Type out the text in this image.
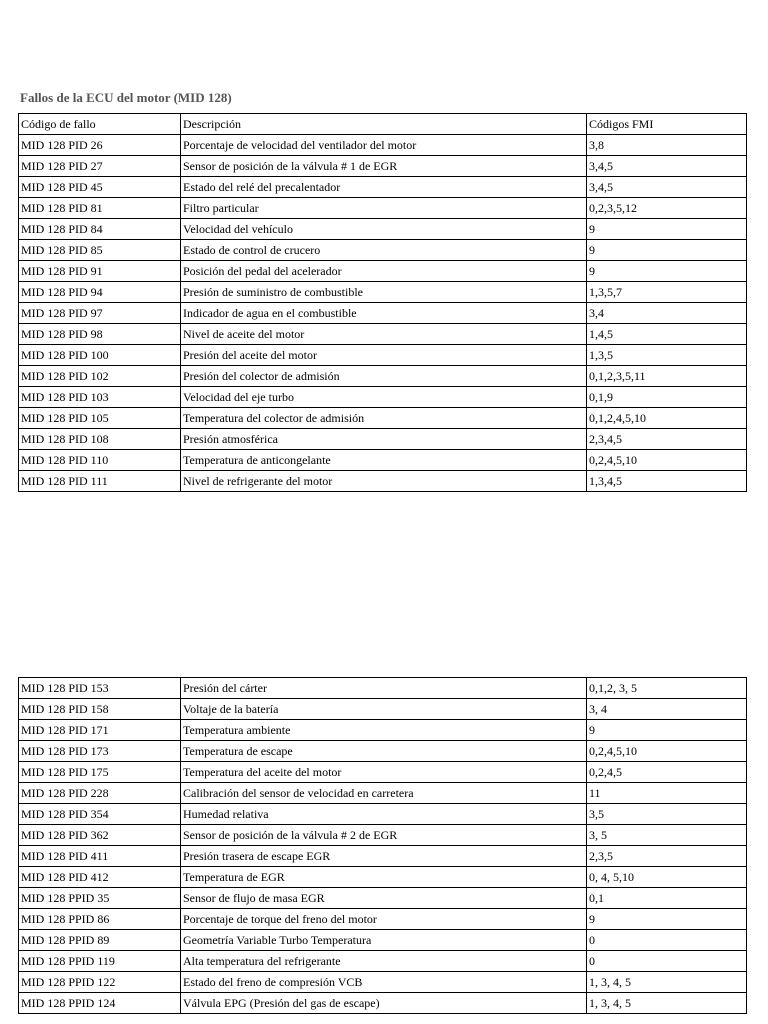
Fallos de la ECU del motor (MID 128)
Código de fallo	Descripción	Códigos FMI
MID 128 PID 26	Porcentaje de velocidad del ventilador del motor	3,8
MID 128 PID 27	Sensor de posición de la válvula # 1 de EGR	3,4,5
MID 128 PID 45	Estado del relé del precalentador	3,4,5
MID 128 PID 81	Filtro particular	0,2,3,5,12
MID 128 PID 84	Velocidad del vehículo	9
MID 128 PID 85	Estado de control de crucero	9
MID 128 PID 91	Posición del pedal del acelerador	9
MID 128 PID 94	Presión de suministro de combustible	1,3,5,7
MID 128 PID 97	Indicador de agua en el combustible	3,4
MID 128 PID 98	Nivel de aceite del motor	1,4,5
MID 128 PID 100	Presión del aceite del motor	1,3,5
MID 128 PID 102	Presión del colector de admisión	0,1,2,3,5,11
MID 128 PID 103	Velocidad del eje turbo	0,1,9
MID 128 PID 105	Temperatura del colector de admisión	0,1,2,4,5,10
MID 128 PID 108	Presión atmosférica	2,3,4,5
MID 128 PID 110	Temperatura de anticongelante	0,2,4,5,10
MID 128 PID 111	Nivel de refrigerante del motor	1,3,4,5
MID 128 PID 153	Presión del cárter	0,1,2, 3, 5
MID 128 PID 158	Voltaje de la batería	3, 4
MID 128 PID 171	Temperatura ambiente	9
MID 128 PID 173	Temperatura de escape	0,2,4,5,10
MID 128 PID 175	Temperatura del aceite del motor	0,2,4,5
MID 128 PID 228	Calibración del sensor de velocidad en carretera	11
MID 128 PID 354	Humedad relativa	3,5
MID 128 PID 362	Sensor de posición de la válvula # 2 de EGR	3, 5
MID 128 PID 411	Presión trasera de escape EGR	2,3,5
MID 128 PID 412	Temperatura de EGR	0, 4, 5,10
MID 128 PPID 35	Sensor de flujo de masa EGR	0,1
MID 128 PPID 86	Porcentaje de torque del freno del motor	9
MID 128 PPID 89	Geometría Variable Turbo Temperatura	0
MID 128 PPID 119	Alta temperatura del refrigerante	0
MID 128 PPID 122	Estado del freno de compresión VCB	1, 3, 4, 5
MID 128 PPID 124	Válvula EPG (Presión del gas de escape)	1, 3, 4, 5
